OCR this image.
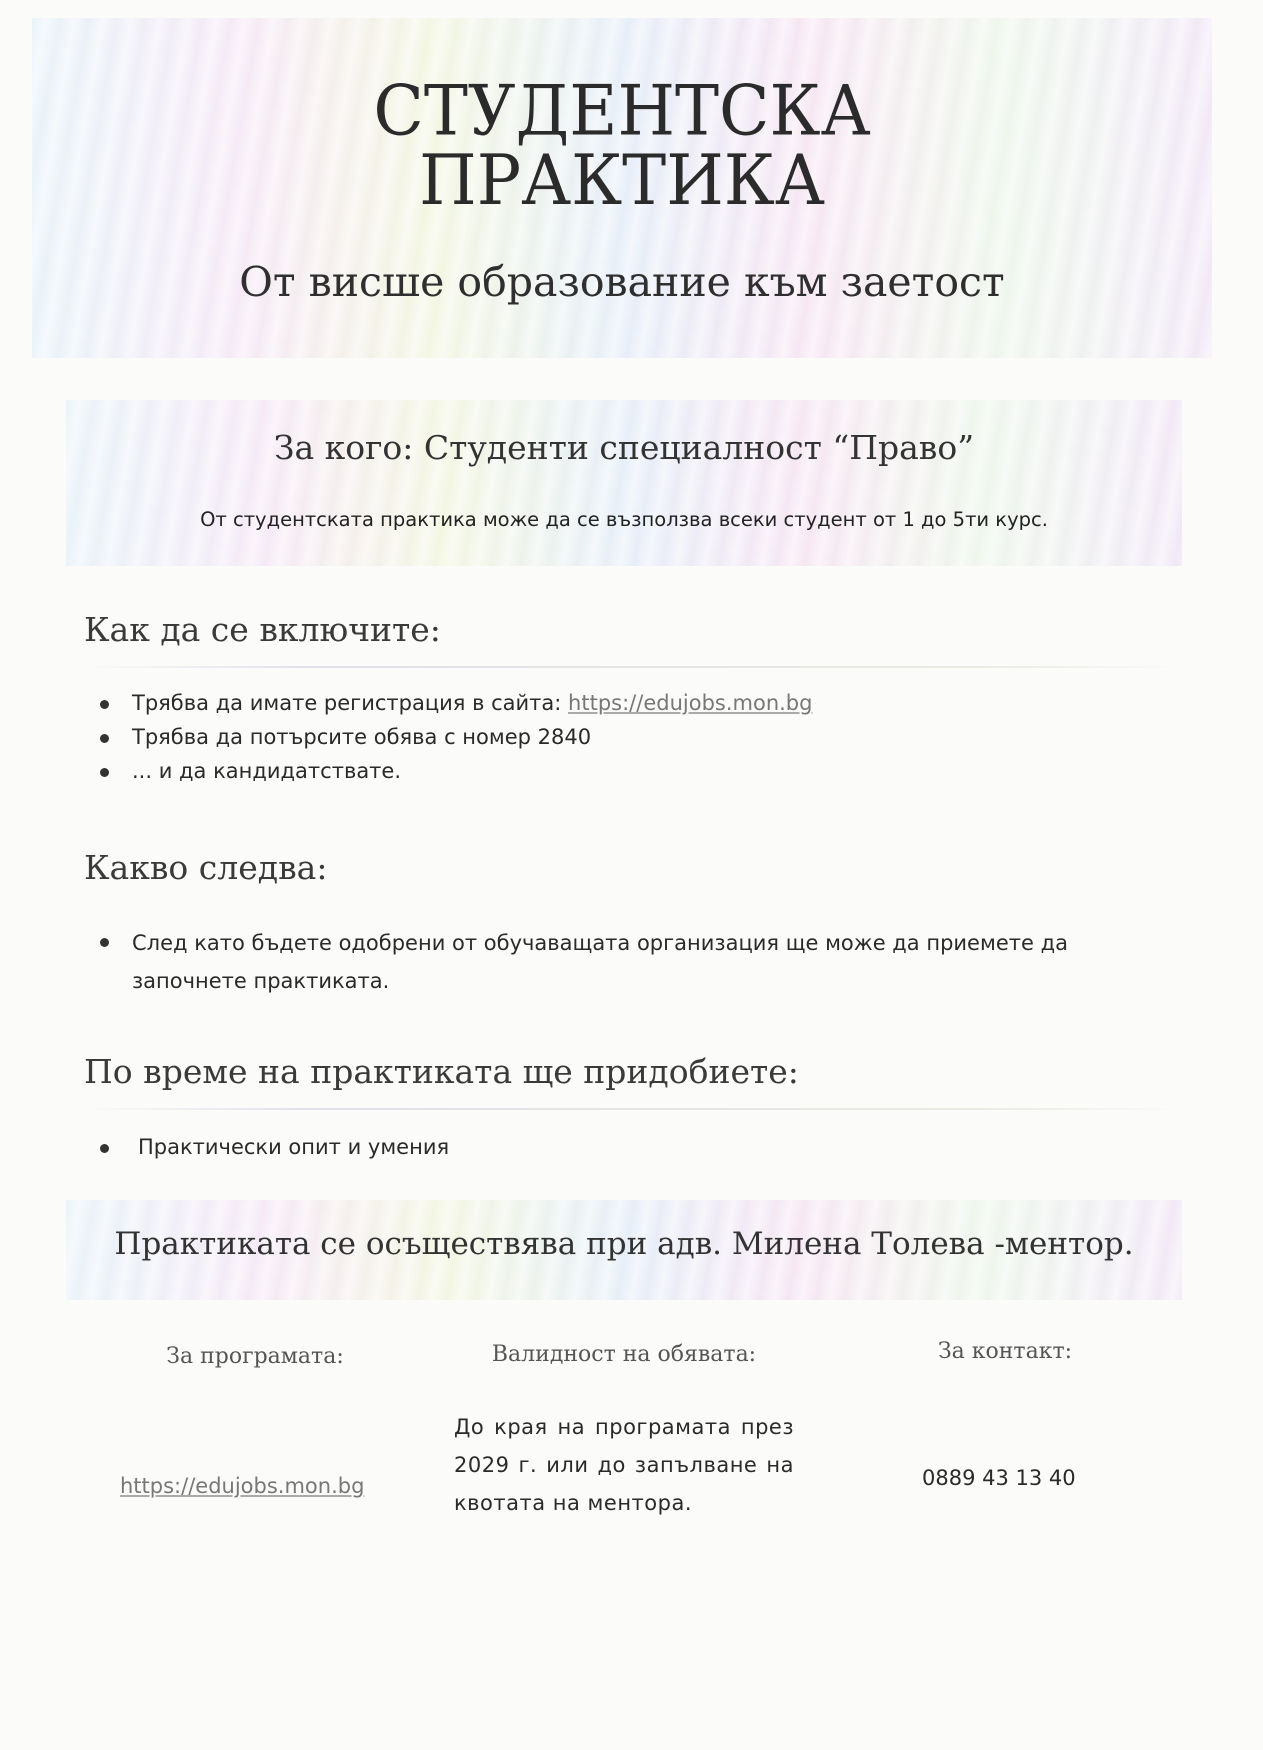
СТУДЕНТСКА
ПРАКТИКА
От висше образование към заетост
За кого: Студенти специалност “Право”
От студентската практика може да се възползва всеки студент от 1 до 5ти курс.
Как да се включите:
Трябва да имате регистрация в сайта: https://edujobs.mon.bg
Трябва да потърсите обява с номер 2840
... и да кандидатствате.
Какво следва:
След като бъдете одобрени от обучаващата организация ще може да приемете да
започнете практиката.
По време на практиката ще придобиете:
Практически опит и умения
Практиката се осъществява при адв. Милена Толева -ментор.
За програмата:	Валидност на обявата:	За контакт:
https://edujobs.mon.bg
До края на програмата през 2029 г. или до запълване на квотата на ментора.
0889 43 13 40
